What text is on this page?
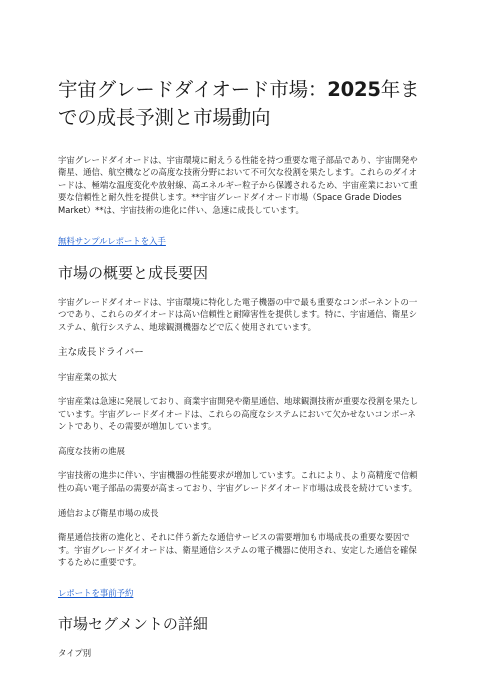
宇宙グレードダイオード市場：2025年までの成長予測と市場動向

宇宙グレードダイオードは、宇宙環境に耐えうる性能を持つ重要な電子部品であり、宇宙開発や衛星、通信、航空機などの高度な技術分野において不可欠な役割を果たします。これらのダイオードは、極端な温度変化や放射線、高エネルギー粒子から保護されるため、宇宙産業において重要な信頼性と耐久性を提供します。**宇宙グレードダイオード市場（Space Grade Diodes Market）**は、宇宙技術の進化に伴い、急速に成長しています。

無料サンプルレポートを入手
市場の概要と成長要因

宇宙グレードダイオードは、宇宙環境に特化した電子機器の中で最も重要なコンポーネントの一つであり、これらのダイオードは高い信頼性と耐障害性を提供します。特に、宇宙通信、衛星システム、航行システム、地球観測機器などで広く使用されています。

主な成長ドライバー
宇宙産業の拡大

宇宙産業は急速に発展しており、商業宇宙開発や衛星通信、地球観測技術が重要な役割を果たしています。宇宙グレードダイオードは、これらの高度なシステムにおいて欠かせないコンポーネントであり、その需要が増加しています。

高度な技術の進展

宇宙技術の進歩に伴い、宇宙機器の性能要求が増加しています。これにより、より高精度で信頼性の高い電子部品の需要が高まっており、宇宙グレードダイオード市場は成長を続けています。

通信および衛星市場の成長

衛星通信技術の進化と、それに伴う新たな通信サービスの需要増加も市場成長の重要な要因です。宇宙グレードダイオードは、衛星通信システムの電子機器に使用され、安定した通信を確保するために重要です。

レポートを事前予約
市場セグメントの詳細
タイプ別
